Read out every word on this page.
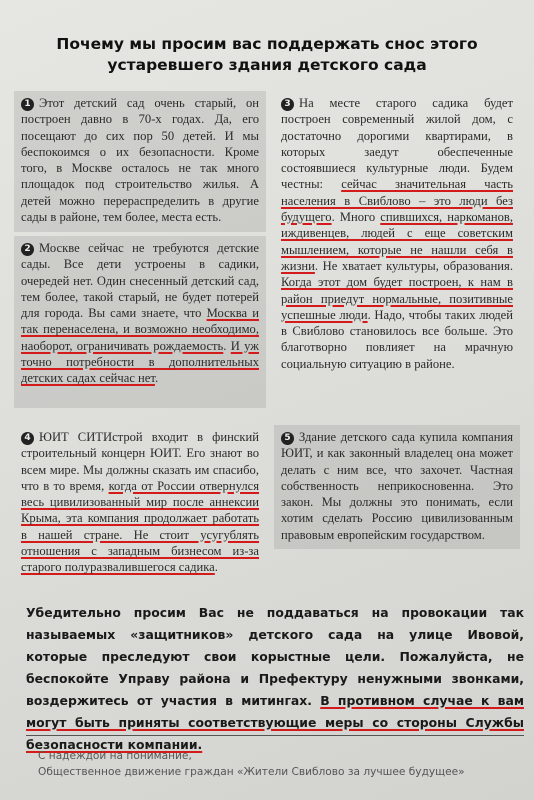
Почему мы просим вас поддержать снос этого устаревшего здания детского сада

1 Этот детский сад очень старый, он построен давно в 70-х годах. Да, его посещают до сих пор 50 детей. И мы беспокоимся о их безопасности. Кроме того, в Москве осталось не так много площадок под строительство жилья. А детей можно перераспределить в другие сады в районе, тем более, места есть.

2 Москве сейчас не требуются детские сады. Все дети устроены в садики, очередей нет. Один снесенный детский сад, тем более, такой старый, не будет потерей для города. Вы сами знаете, что Москва и так перенаселена, и возможно необходимо, наоборот, ограничивать рождаемость. И уж точно потребности в дополнительных детских садах сейчас нет.

3 На месте старого садика будет построен современный жилой дом, с достаточно дорогими квартирами, в которых заедут обеспеченные состоявшиеся культурные люди. Будем честны: сейчас значительная часть населения в Свиблово – это люди без будущего. Много спившихся, наркоманов, иждивенцев, людей с еще советским мышлением, которые не нашли себя в жизни. Не хватает культуры, образования. Когда этот дом будет построен, к нам в район приедут нормальные, позитивные успешные люди. Надо, чтобы таких людей в Свиблово становилось все больше. Это благотворно повлияет на мрачную социальную ситуацию в районе.

4 ЮИТ СИТИстрой входит в финский строительный концерн ЮИТ. Его знают во всем мире. Мы должны сказать им спасибо, что в то время, когда от России отвернулся весь цивилизованный мир после аннексии Крыма, эта компания продолжает работать в нашей стране. Не стоит усугублять отношения с западным бизнесом из-за старого полуразвалившегося садика.

5 Здание детского сада купила компания ЮИТ, и как законный владелец она может делать с ним все, что захочет. Частная собственность неприкосновенна. Это закон. Мы должны это понимать, если хотим сделать Россию цивилизованным правовым европейским государством.

Убедительно просим Вас не поддаваться на провокации так называемых «защитников» детского сада на улице Ивовой, которые преследуют свои корыстные цели. Пожалуйста, не беспокойте Управу района и Префектуру ненужными звонками, воздержитесь от участия в митингах. В противном случае к вам могут быть приняты соответствующие меры со стороны Службы безопасности компании.

С надеждой на понимание,
Общественное движение граждан «Жители Свиблово за лучшее будущее»
